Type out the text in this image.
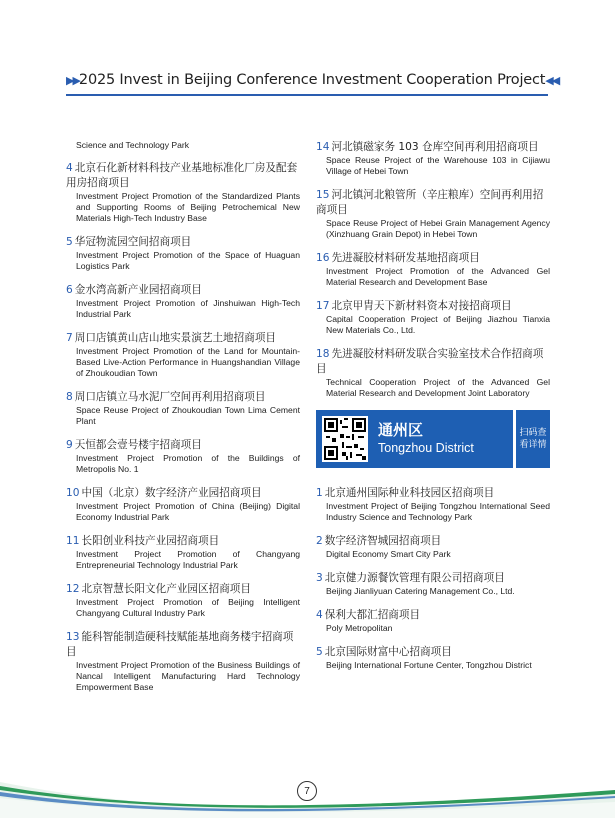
▶▶ 2025 Invest in Beijing Conference Investment Cooperation Project ◀◀
Science and Technology Park
4 北京石化新材料科技产业基地标准化厂房及配套用房招商项目
Investment Project Promotion of the Standardized Plants and Supporting Rooms of Beijing Petrochemical New Materials High-Tech Industry Base
5 华冠物流园空间招商项目
Investment Project Promotion of the Space of Huaguan Logistics Park
6 金水湾高新产业园招商项目
Investment Project Promotion of Jinshuiwan High-Tech Industrial Park
7 周口店镇黄山店山地实景演艺土地招商项目
Investment Project Promotion of the Land for Mountain-Based Live-Action Performance in Huangshandian Village of Zhoukoudian Town
8 周口店镇立马水泥厂空间再利用招商项目
Space Reuse Project of Zhoukoudian Town Lima Cement Plant
9 天恒都会壹号楼宇招商项目
Investment Project Promotion of the Buildings of Metropolis No. 1
10 中国（北京）数字经济产业园招商项目
Investment Project Promotion of China (Beijing) Digital Economy Industrial Park
11 长阳创业科技产业园招商项目
Investment Project Promotion of Changyang Entrepreneurial Technology Industrial Park
12 北京智慧长阳文化产业园区招商项目
Investment Project Promotion of Beijing Intelligent Changyang Cultural Industry Park
13 能科智能制造硬科技赋能基地商务楼宇招商项目
Investment Project Promotion of the Business Buildings of Nancal Intelligent Manufacturing Hard Technology Empowerment Base
14 河北镇磁家务 103 仓库空间再利用招商项目
Space Reuse Project of the Warehouse 103 in Cijiawu Village of Hebei Town
15 河北镇河北粮管所（辛庄粮库）空间再利用招商项目
Space Reuse Project of Hebei Grain Management Agency (Xinzhuang Grain Depot) in Hebei Town
16 先进凝胶材料研发基地招商项目
Investment Project Promotion of the Advanced Gel Material Research and Development Base
17 北京甲胄天下新材料资本对接招商项目
Capital Cooperation Project of Beijing Jiazhou Tianxia New Materials Co., Ltd.
18 先进凝胶材料研发联合实验室技术合作招商项目
Technical Cooperation Project of the Advanced Gel Material Research and Development Joint Laboratory
通州区
Tongzhou District
扫码查看详情
1 北京通州国际种业科技园区招商项目
Investment Project of Beijing Tongzhou International Seed Industry Science and Technology Park
2 数字经济智城园招商项目
Digital Economy Smart City Park
3 北京健力源餐饮管理有限公司招商项目
Beijing Jianliyuan Catering Management Co., Ltd.
4 保利大都汇招商项目
Poly Metropolitan
5 北京国际财富中心招商项目
Beijing International Fortune Center, Tongzhou District
7
